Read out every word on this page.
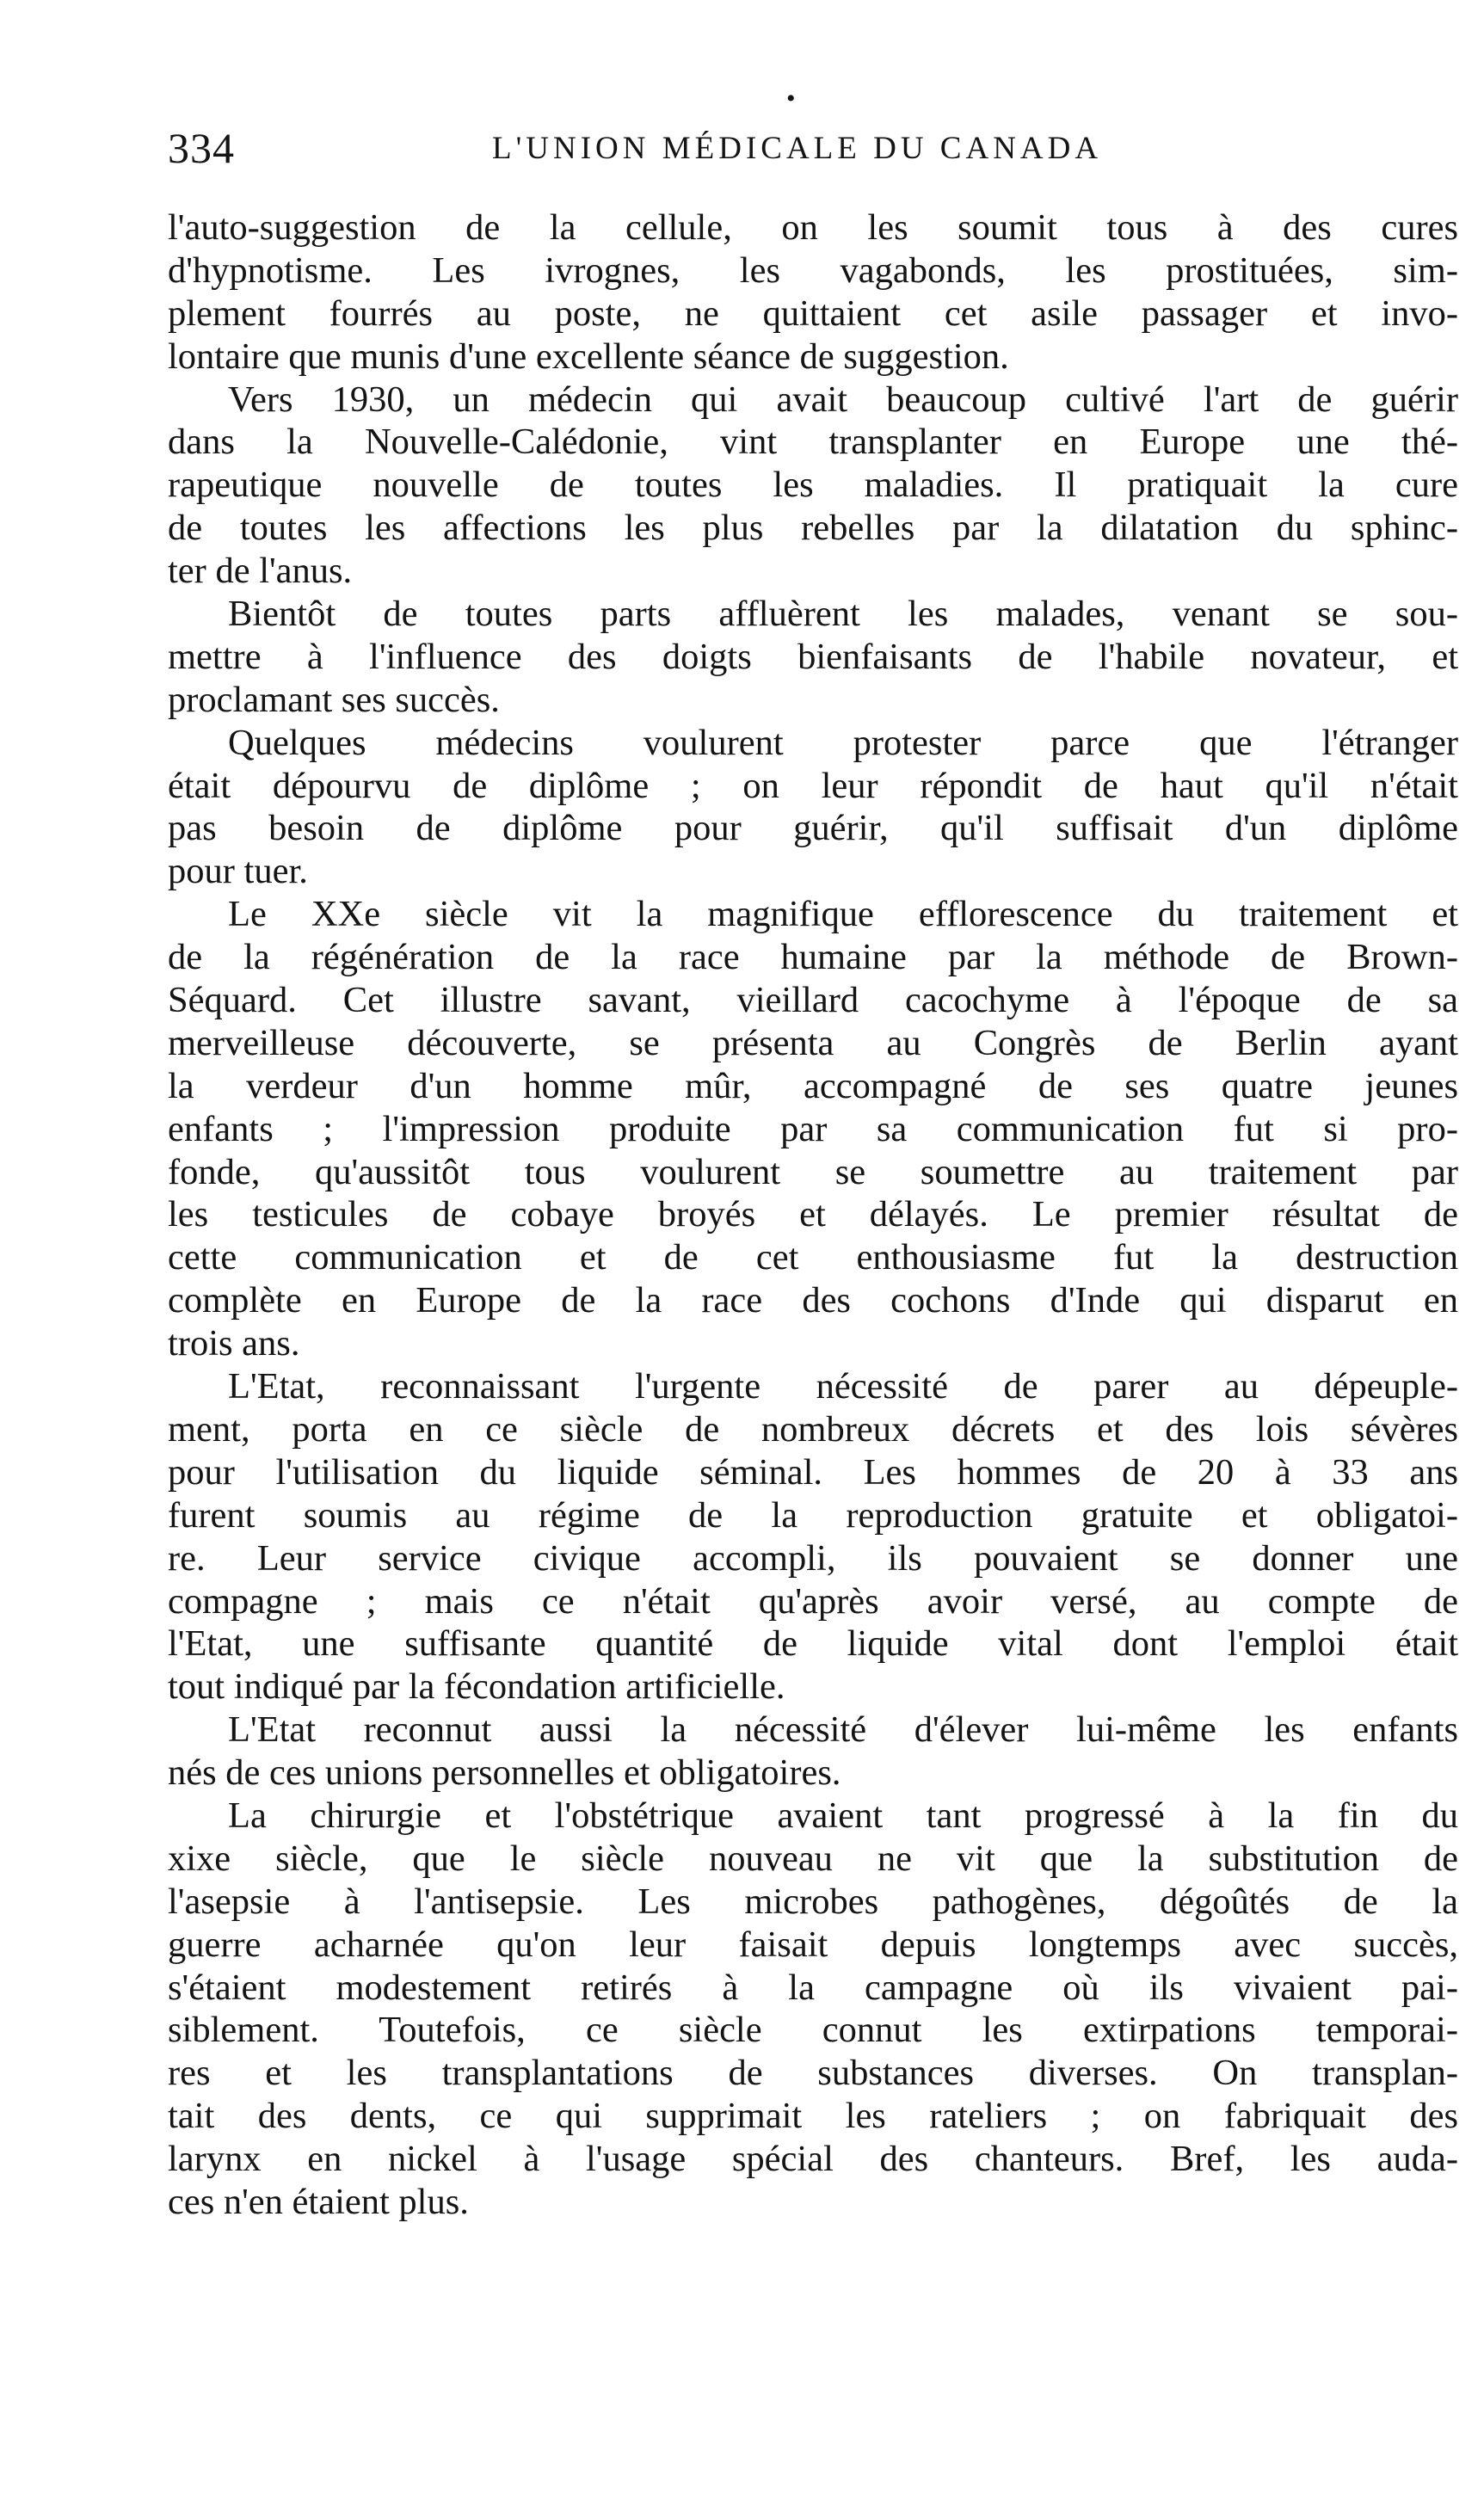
•
334	L'UNION MÉDICALE DU CANADA
l'auto-suggestion de la cellule, on les soumit tous à des cures
d'hypnotisme. Les ivrognes, les vagabonds, les prostituées, sim-
plement fourrés au poste, ne quittaient cet asile passager et invo-
lontaire que munis d'une excellente séance de suggestion.
Vers 1930, un médecin qui avait beaucoup cultivé l'art de guérir
dans la Nouvelle-Calédonie, vint transplanter en Europe une thé-
rapeutique nouvelle de toutes les maladies. Il pratiquait la cure
de toutes les affections les plus rebelles par la dilatation du sphinc-
ter de l'anus.
Bientôt de toutes parts affluèrent les malades, venant se sou-
mettre à l'influence des doigts bienfaisants de l'habile novateur, et
proclamant ses succès.
Quelques médecins voulurent protester parce que l'étranger
était dépourvu de diplôme ; on leur répondit de haut qu'il n'était
pas besoin de diplôme pour guérir, qu'il suffisait d'un diplôme
pour tuer.
Le XXe siècle vit la magnifique efflorescence du traitement et
de la régénération de la race humaine par la méthode de Brown-
Séquard. Cet illustre savant, vieillard cacochyme à l'époque de sa
merveilleuse découverte, se présenta au Congrès de Berlin ayant
la verdeur d'un homme mûr, accompagné de ses quatre jeunes
enfants ; l'impression produite par sa communication fut si pro-
fonde, qu'aussitôt tous voulurent se soumettre au traitement par
les testicules de cobaye broyés et délayés. Le premier résultat de
cette communication et de cet enthousiasme fut la destruction
complète en Europe de la race des cochons d'Inde qui disparut en
trois ans.
L'Etat, reconnaissant l'urgente nécessité de parer au dépeuple-
ment, porta en ce siècle de nombreux décrets et des lois sévères
pour l'utilisation du liquide séminal. Les hommes de 20 à 33 ans
furent soumis au régime de la reproduction gratuite et obligatoi-
re. Leur service civique accompli, ils pouvaient se donner une
compagne ; mais ce n'était qu'après avoir versé, au compte de
l'Etat, une suffisante quantité de liquide vital dont l'emploi était
tout indiqué par la fécondation artificielle.
L'Etat reconnut aussi la nécessité d'élever lui-même les enfants
nés de ces unions personnelles et obligatoires.
La chirurgie et l'obstétrique avaient tant progressé à la fin du
xixe siècle, que le siècle nouveau ne vit que la substitution de
l'asepsie à l'antisepsie. Les microbes pathogènes, dégoûtés de la
guerre acharnée qu'on leur faisait depuis longtemps avec succès,
s'étaient modestement retirés à la campagne où ils vivaient pai-
siblement. Toutefois, ce siècle connut les extirpations temporai-
res et les transplantations de substances diverses. On transplan-
tait des dents, ce qui supprimait les rateliers ; on fabriquait des
larynx en nickel à l'usage spécial des chanteurs. Bref, les auda-
ces n'en étaient plus.
